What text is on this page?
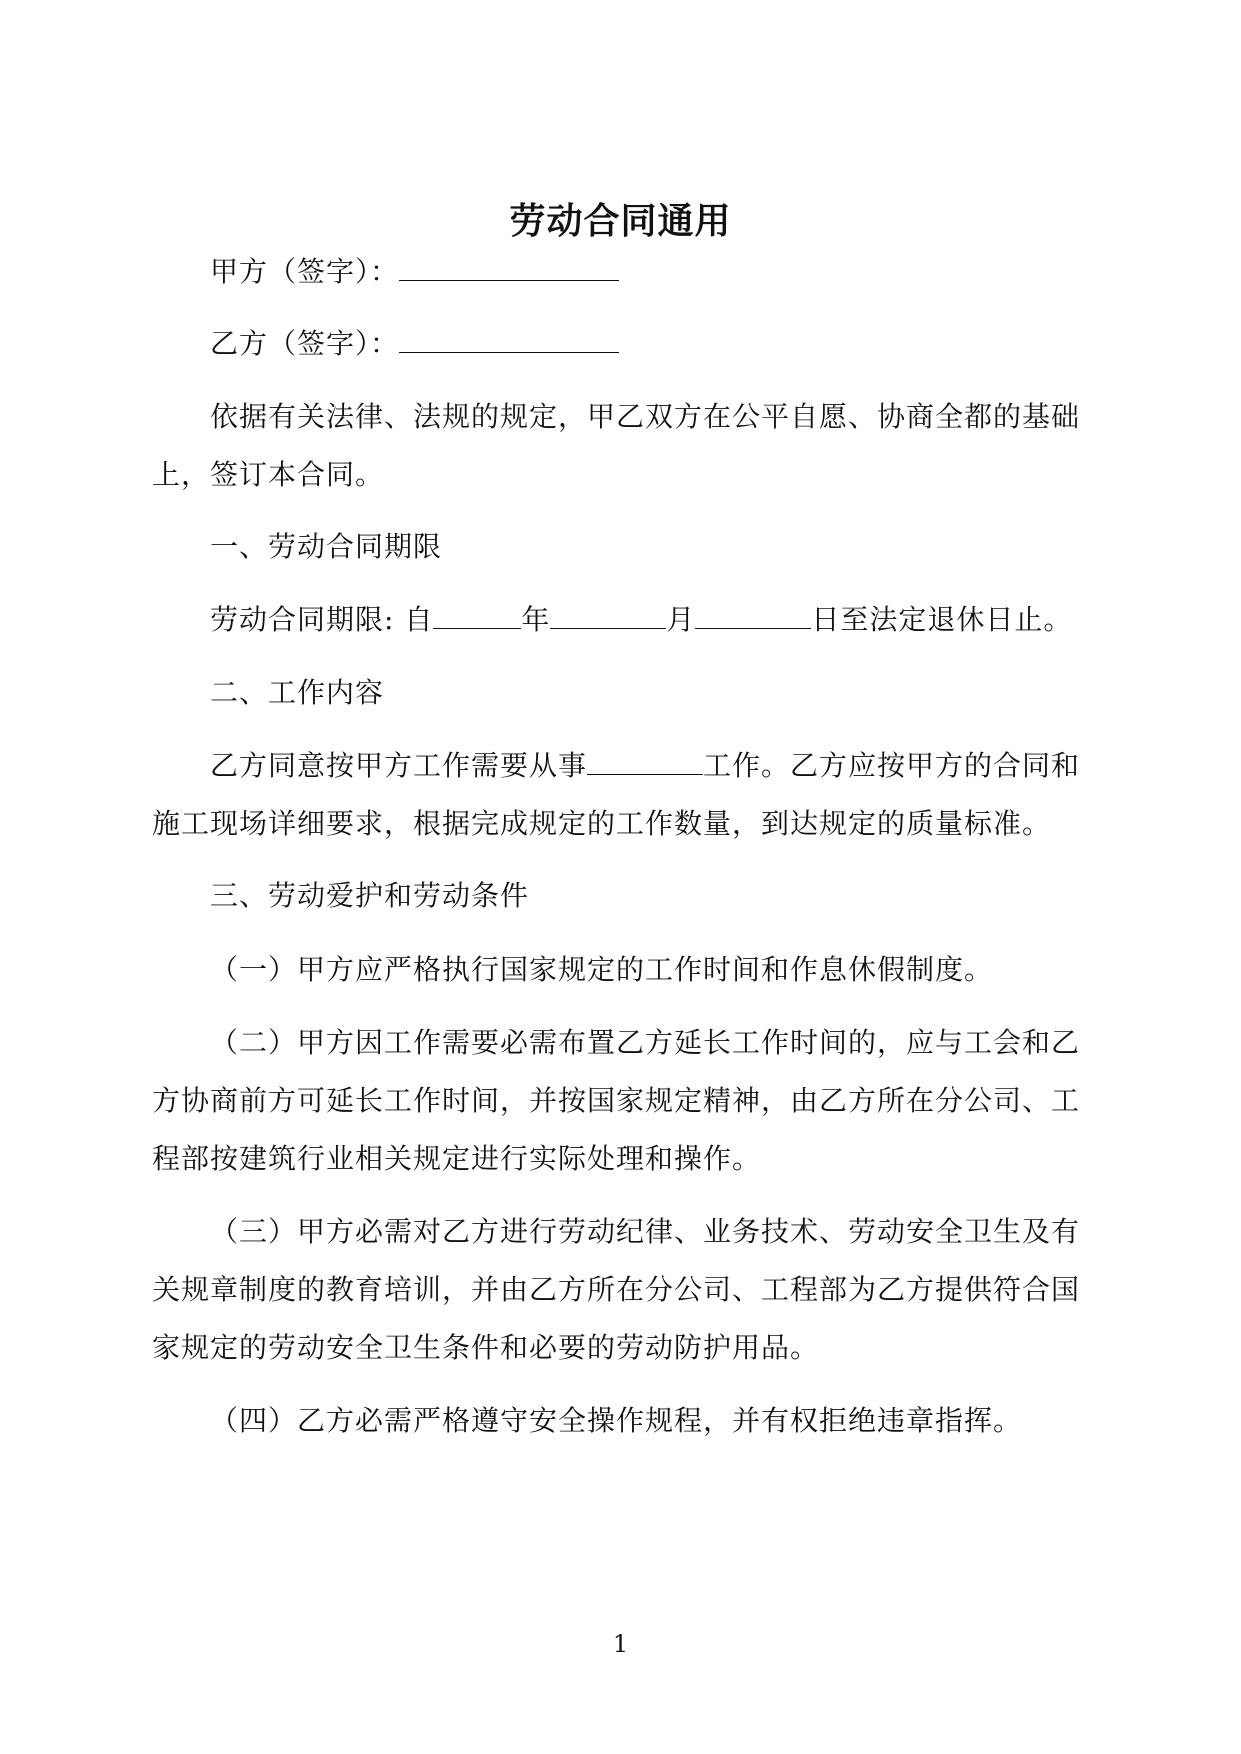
劳动合同通用
甲方（签字）：
乙方（签字）：
依据有关法律、法规的规定，甲乙双方在公平自愿、协商全都的基础
上，签订本合同。
一、劳动合同期限
劳动合同期限: 自	年	月	日至法定退休日止。
二、工作内容
乙方同意按甲方工作需要从事	工作。乙方应按甲方的合同和
施工现场详细要求，根据完成规定的工作数量，到达规定的质量标准。
三、劳动爱护和劳动条件
（一）甲方应严格执行国家规定的工作时间和作息休假制度。
（二）甲方因工作需要必需布置乙方延长工作时间的，应与工会和乙
方协商前方可延长工作时间，并按国家规定精神，由乙方所在分公司、工
程部按建筑行业相关规定进行实际处理和操作。
（三）甲方必需对乙方进行劳动纪律、业务技术、劳动安全卫生及有
关规章制度的教育培训，并由乙方所在分公司、工程部为乙方提供符合国
家规定的劳动安全卫生条件和必要的劳动防护用品。
（四）乙方必需严格遵守安全操作规程，并有权拒绝违章指挥。
1
